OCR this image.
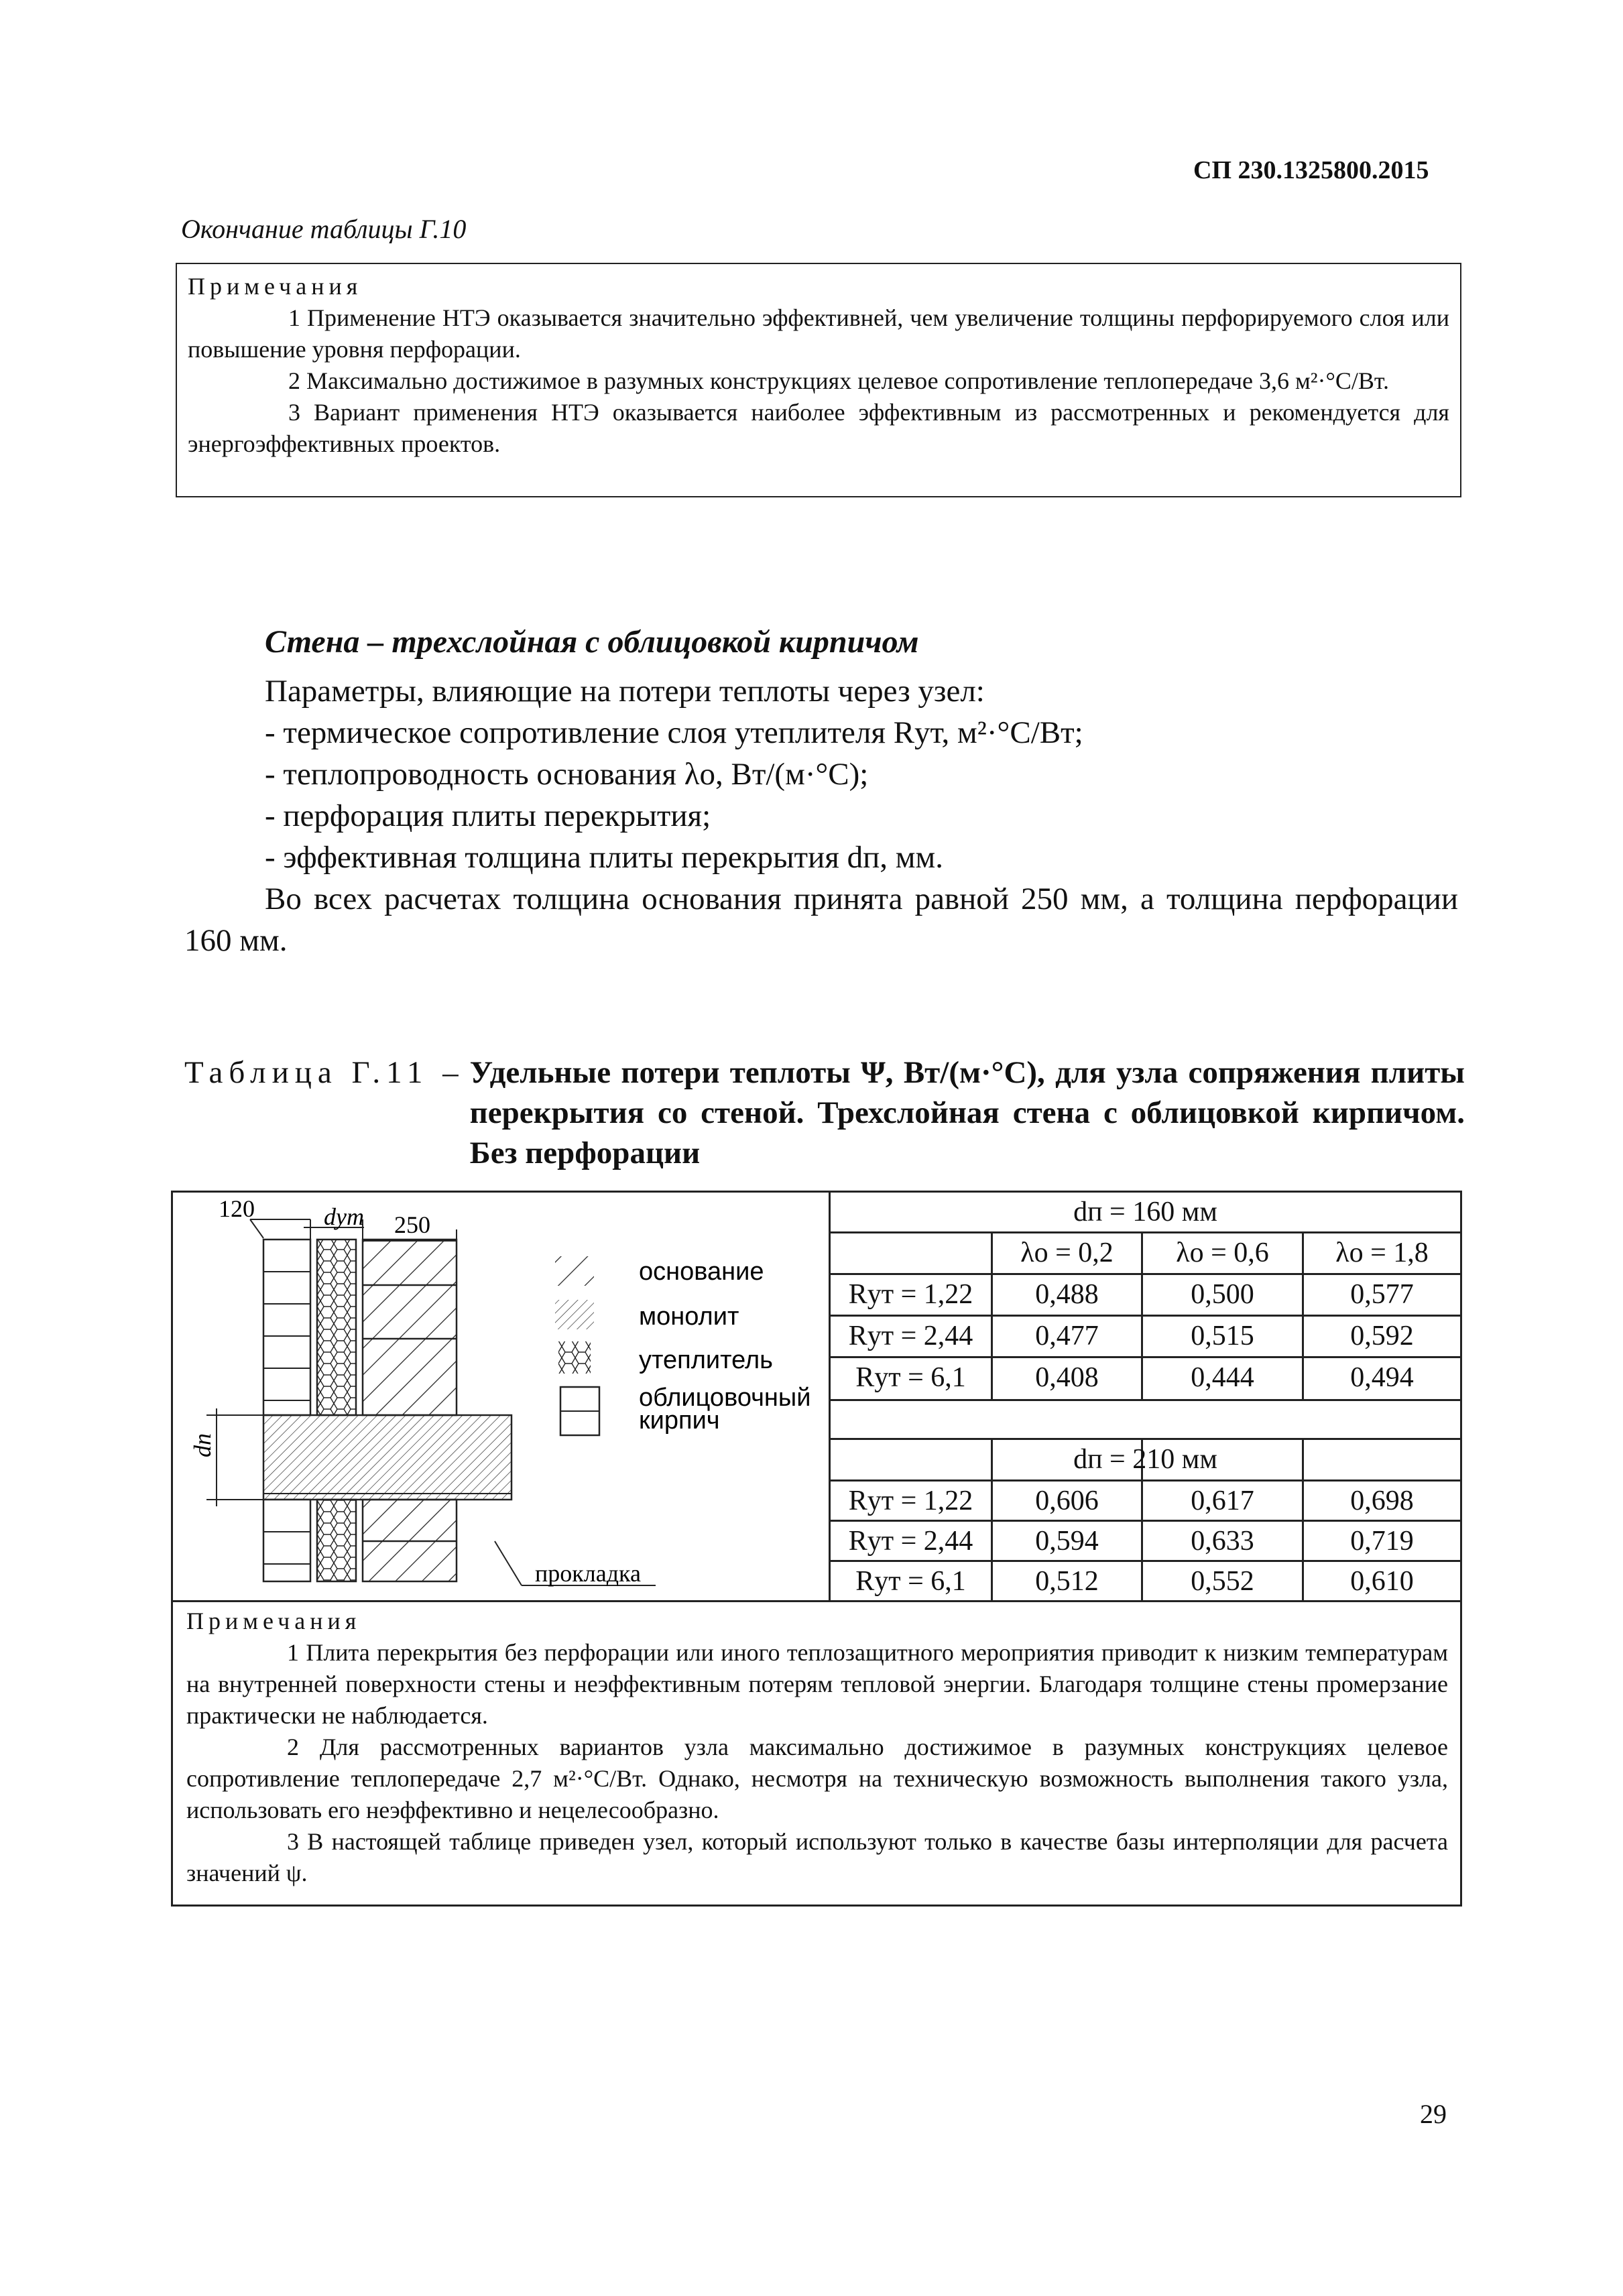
СП 230.1325800.2015
Окончание таблицы Г.10
Примечания
1 Применение НТЭ оказывается значительно эффективней, чем увеличение толщины перфорируемого слоя или повышение уровня перфорации.
2 Максимально достижимое в разумных конструкциях целевое сопротивление теплопередаче 3,6 м²·°С/Вт.
3 Вариант применения НТЭ оказывается наиболее эффективным из рассмотренных и рекомендуется для энергоэффективных проектов.
Стена – трехслойная с облицовкой кирпичом

Параметры, влияющие на потери теплоты через узел:

- термическое сопротивление слоя утеплителя Rут, м²·°С/Вт;

- теплопроводность основания λо, Вт/(м·°С);

- перфорация плиты перекрытия;

- эффективная толщина плиты перекрытия dп, мм.

Во всех расчетах толщина основания принята равной 250 мм, а толщина перфорации 160 мм.

Таблица Г.11 –	Удельные потери теплоты Ψ, Вт/(м·°С), для узла сопряжения плиты перекрытия со стеной. Трехслойная стена с облицовкой кирпичом. Без перфорации
dп = 160 мм
λо = 0,2	λо = 0,6	λо = 1,8
Rут = 1,22	0,488	0,500	0,577
Rут = 2,44	0,477	0,515	0,592
Rут = 6,1	0,408	0,444	0,494
dп = 210 мм
Rут = 1,22	0,606	0,617	0,698
Rут = 2,44	0,594	0,633	0,719
Rут = 6,1	0,512	0,552	0,610
120	dут 250
dп
прокладка
основание
монолит
утеплитель
облицовочный кирпич
Примечания
1 Плита перекрытия без перфорации или иного теплозащитного мероприятия приводит к низким температурам на внутренней поверхности стены и неэффективным потерям тепловой энергии. Благодаря толщине стены промерзание практически не наблюдается.
2 Для рассмотренных вариантов узла максимально достижимое в разумных конструкциях целевое сопротивление теплопередаче 2,7 м²·°С/Вт. Однако, несмотря на техническую возможность выполнения такого узла, использовать его неэффективно и нецелесообразно.
3 В настоящей таблице приведен узел, который используют только в качестве базы интерполяции для расчета значений ψ.
29
